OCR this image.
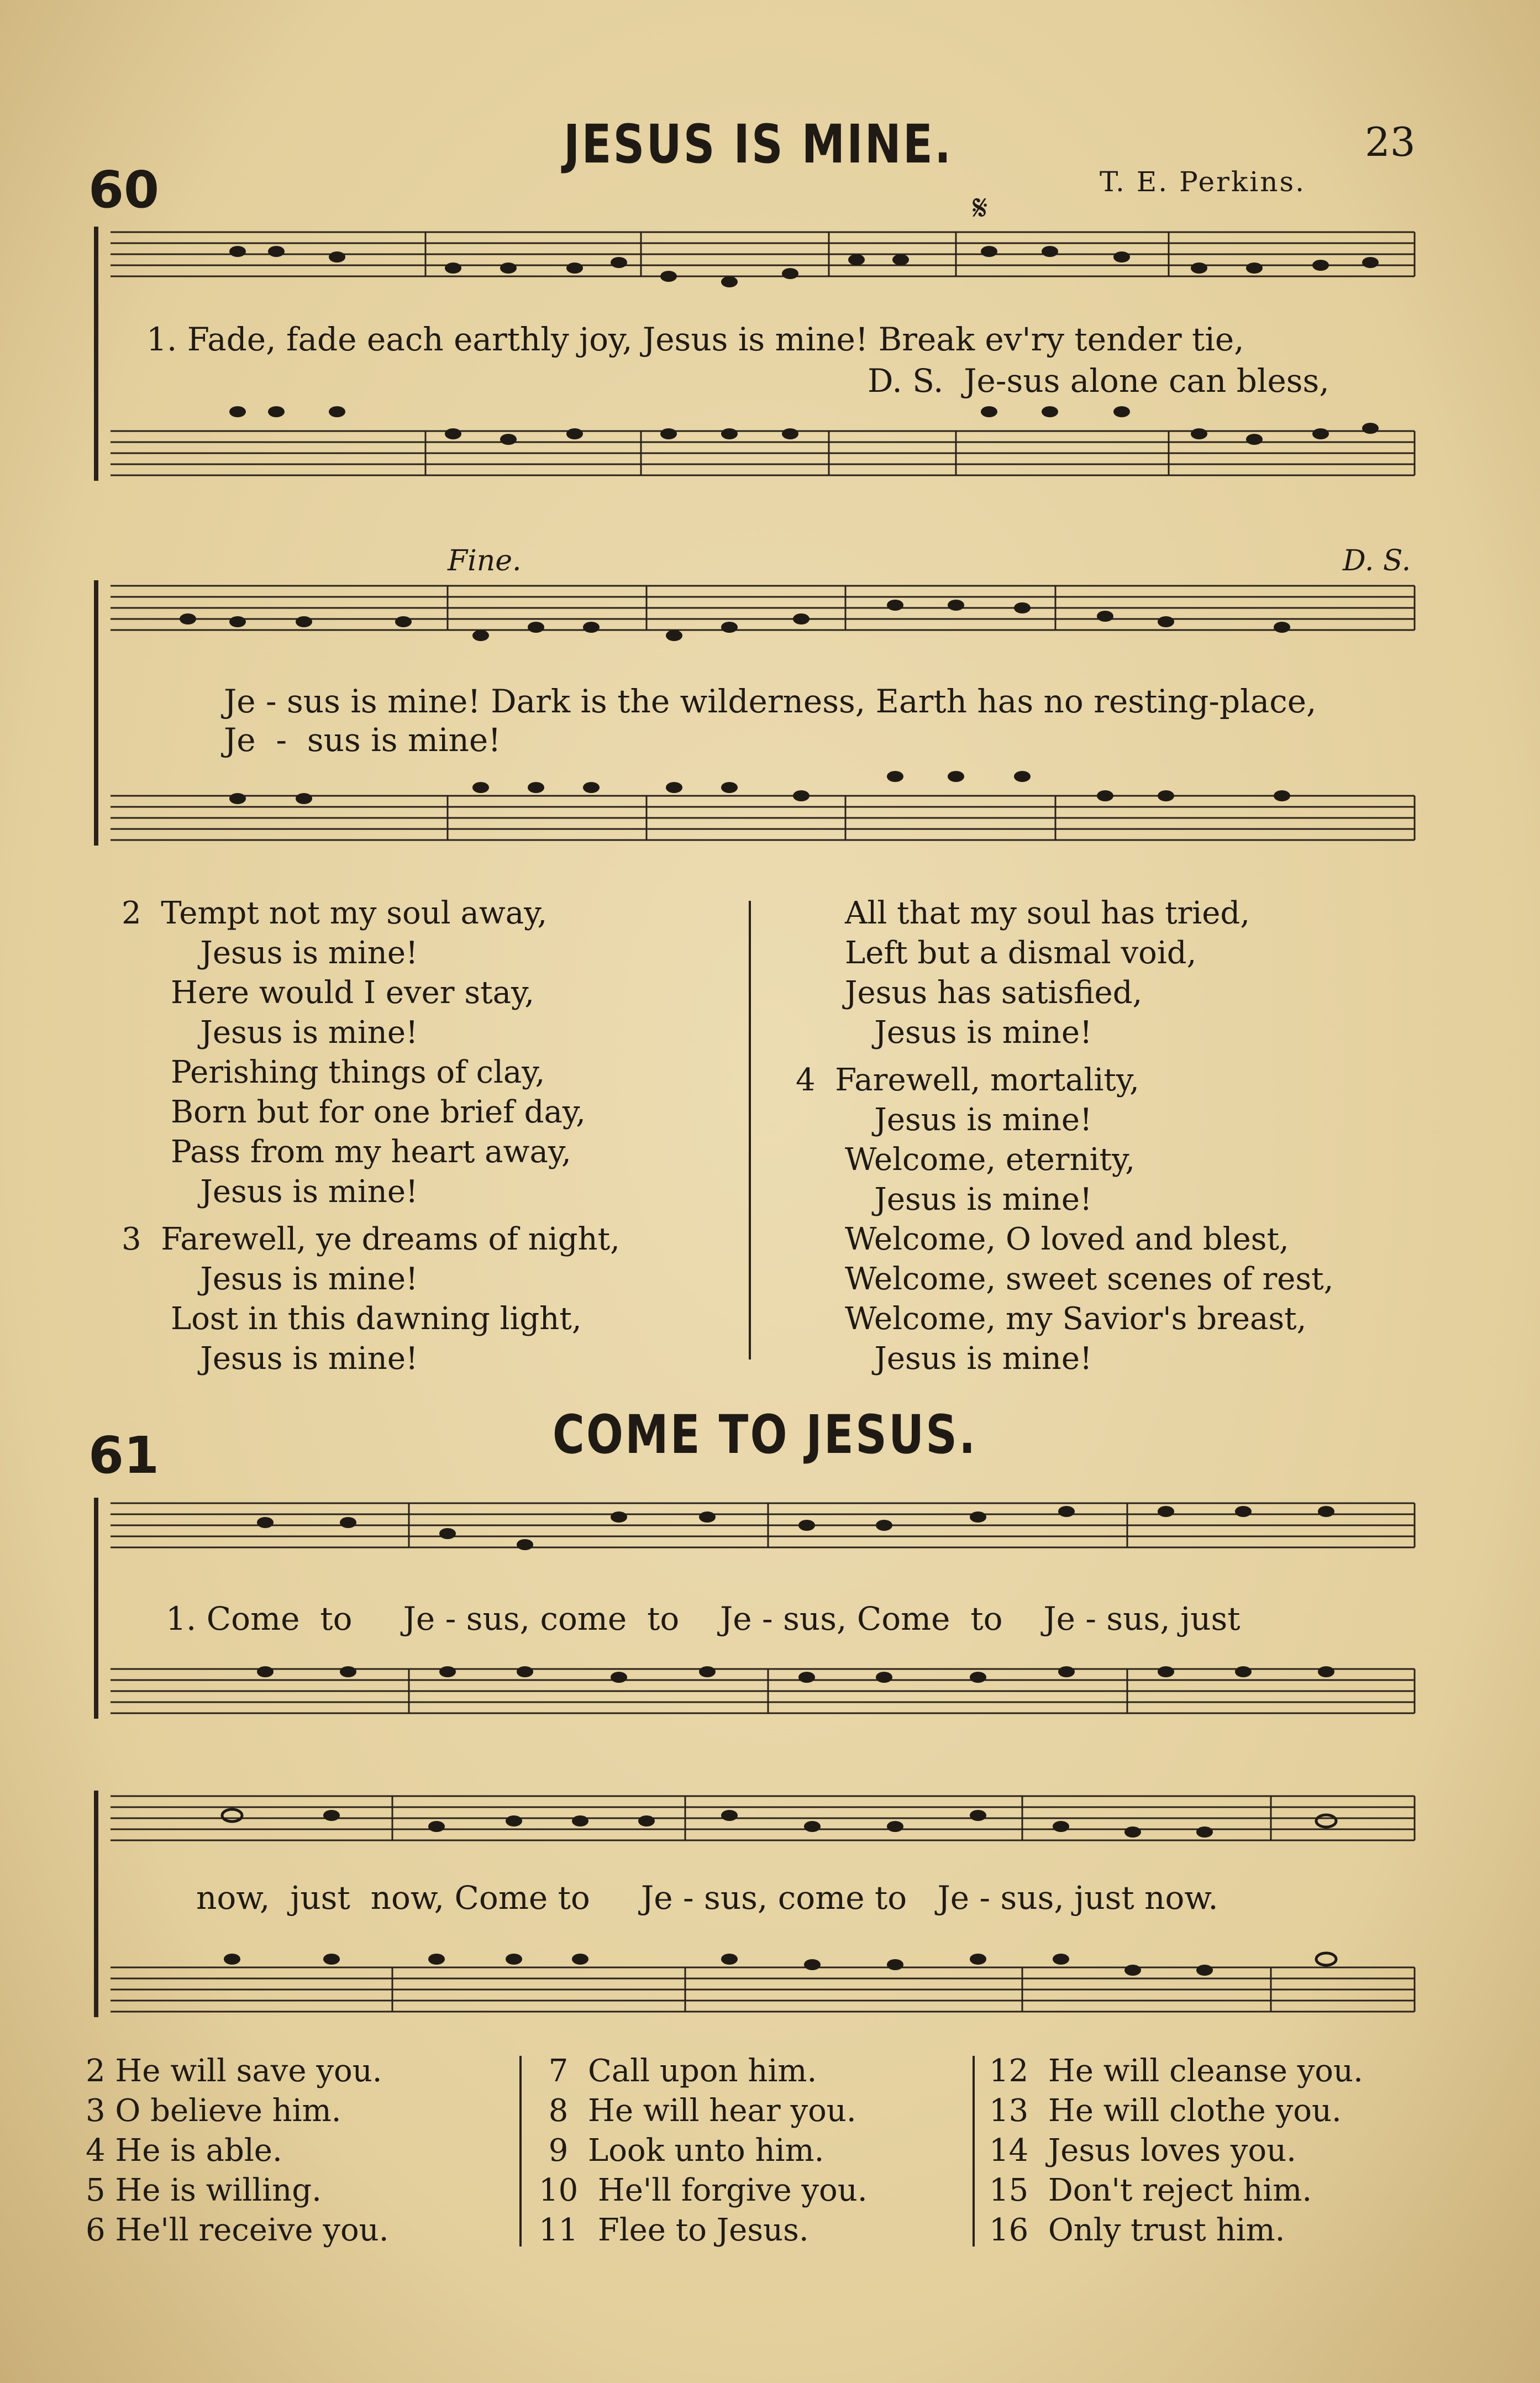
JESUS IS MINE.	23
60	T. E. Perkins.
𝄋
1. Fade, fade each earthly joy, Jesus is mine! Break ev'ry tender tie,
D. S.  Je-sus alone can bless,
Fine.	D. S.
Je - sus is mine! Dark is the wilderness, Earth has no resting-place,
Je  -  sus is mine!
2  Tempt not my soul away,
Jesus is mine!
Here would I ever stay,
Jesus is mine!
Perishing things of clay,
Born but for one brief day,
Pass from my heart away,
Jesus is mine!
3  Farewell, ye dreams of night,
Jesus is mine!
Lost in this dawning light,
Jesus is mine!
All that my soul has tried,
Left but a dismal void,
Jesus has satisfied,
Jesus is mine!
4  Farewell, mortality,
Jesus is mine!
Welcome, eternity,
Jesus is mine!
Welcome, O loved and blest,
Welcome, sweet scenes of rest,
Welcome, my Savior's breast,
Jesus is mine!
61	COME TO JESUS.
1. Come  to     Je - sus, come  to    Je - sus, Come  to    Je - sus, just
now,  just  now, Come to     Je - sus, come to   Je - sus, just now.
2 He will save you.
3 O believe him.
4 He is able.
5 He is willing.
6 He'll receive you.
7  Call upon him.
8  He will hear you.
9  Look unto him.
10  He'll forgive you.
11  Flee to Jesus.
12  He will cleanse you.
13  He will clothe you.
14  Jesus loves you.
15  Don't reject him.
16  Only trust him.
